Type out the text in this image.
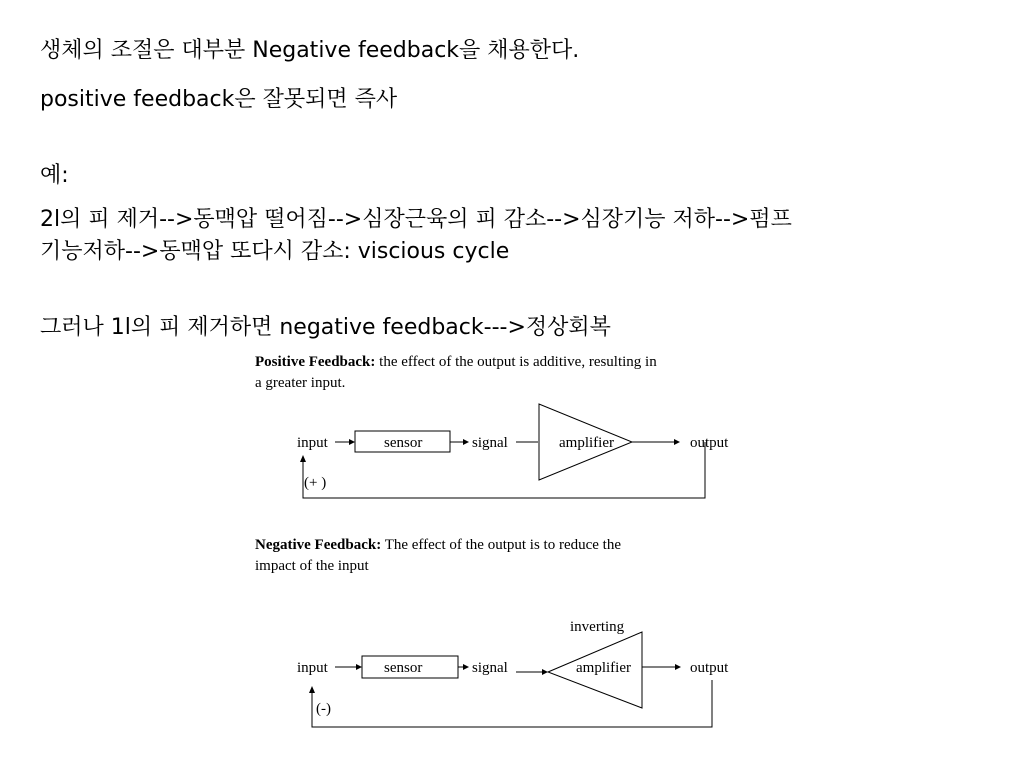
생체의 조절은 대부분 Negative feedback을 채용한다.
positive feedback은 잘못되면 즉사
예:
2l의 피 제거-->동맥압 떨어짐-->심장근육의 피 감소-->심장기능 저하-->펌프
기능저하-->동맥압 또다시 감소: viscious cycle
그러나 1l의 피 제거하면 negative feedback--->정상회복
Positive Feedback: the effect of the output is additive, resulting in
a greater input.
input	sensor	signal	amplifier	output
(+ )
Negative Feedback: The effect of the output is to reduce the
impact of the input
inverting
input	sensor	signal	amplifier	output
(-)
